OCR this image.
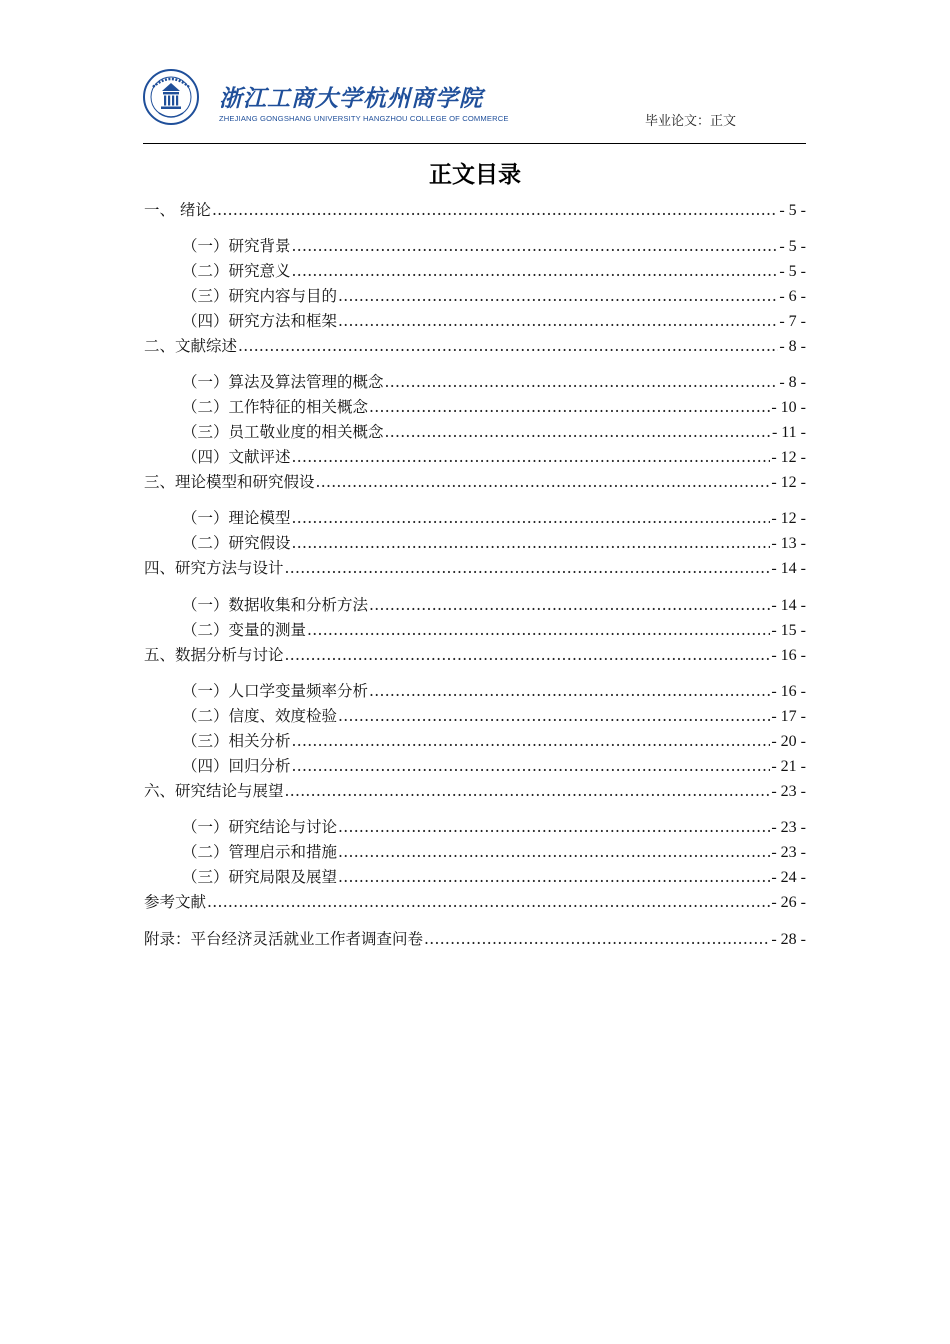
浙江工商大学杭州商学院
ZHEJIANG GONGSHANG UNIVERSITY HANGZHOU COLLEGE OF COMMERCE	毕业论文：正文
正文目录
一、 绪论 .....	- 5 -
（一）研究背景 .....	- 5 -
（二）研究意义 .....	- 5 -
（三）研究内容与目的 .....	- 6 -
（四）研究方法和框架 .....	- 7 -
二、文献综述 .....	- 8 -
（一）算法及算法管理的概念 .....	- 8 -
（二）工作特征的相关概念 .....	- 10 -
（三）员工敬业度的相关概念 .....	- 11 -
（四）文献评述 .....	- 12 -
三、理论模型和研究假设 .....	- 12 -
（一）理论模型 .....	- 12 -
（二）研究假设 .....	- 13 -
四、研究方法与设计 .....	- 14 -
（一）数据收集和分析方法 .....	- 14 -
（二）变量的测量 .....	- 15 -
五、数据分析与讨论 .....	- 16 -
（一）人口学变量频率分析 .....	- 16 -
（二）信度、效度检验 .....	- 17 -
（三）相关分析 .....	- 20 -
（四）回归分析 .....	- 21 -
六、研究结论与展望 .....	- 23 -
（一）研究结论与讨论 .....	- 23 -
（二）管理启示和措施 .....	- 23 -
（三）研究局限及展望 .....	- 24 -
参考文献 .....	- 26 -
附录：平台经济灵活就业工作者调查问卷 .....	- 28 -
